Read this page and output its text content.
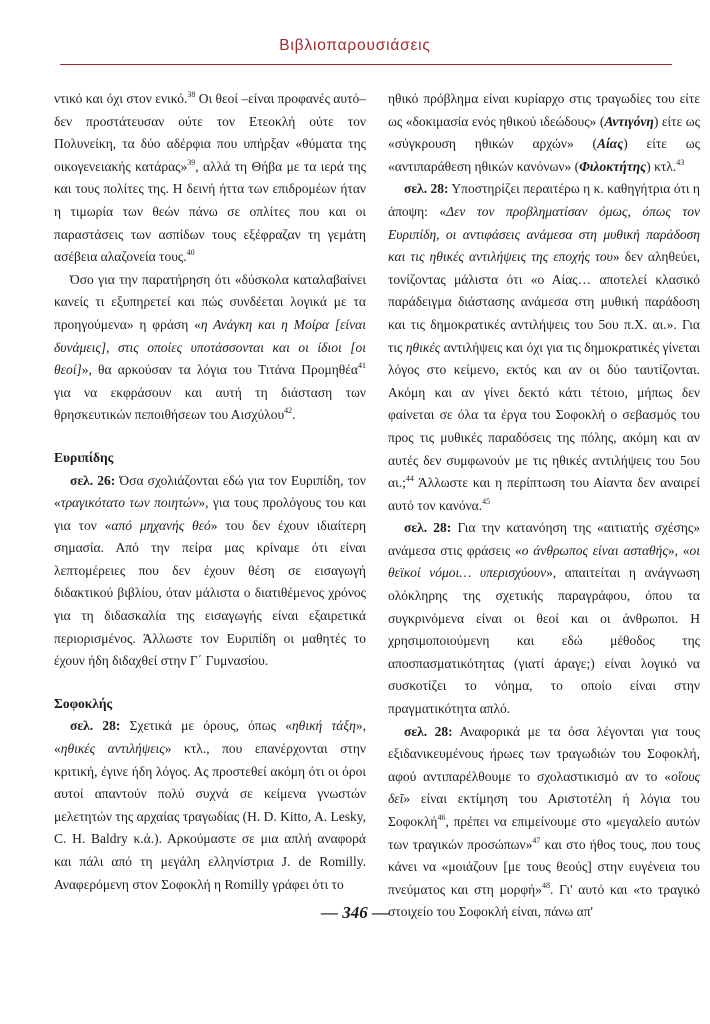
Βιβλιοπαρουσιάσεις

ντικό και όχι στον ενικό.$^{38}$ Οι θεοί –είναι προφανές αυτό– δεν προστάτευσαν ούτε τον Ετεοκλή ούτε τον Πολυνείκη, τα δύο αδέρφια που υπήρξαν «θύματα της οικογενειακής κατάρας»$^{39}$, αλλά τη Θήβα με τα ιερά της και τους πολίτες της. Η δεινή ήττα των επιδρομέων ήταν η τιμωρία των θεών πάνω σε οπλίτες που και οι παραστάσεις των ασπίδων τους εξέφραζαν τη γεμάτη ασέβεια αλαζονεία τους.$^{40}$

Όσο για την παρατήρηση ότι «δύσκολα καταλαβαίνει κανείς τι εξυπηρετεί και πώς συνδέεται λογικά με τα προηγούμενα» η φράση «η Ανάγκη και η Μοίρα [είναι δυνάμεις], στις οποίες υποτάσσονται και οι ίδιοι [οι θεοί]», θα αρκούσαν τα λόγια του Τιτάνα Προμηθέα$^{41}$ για να εκφράσουν και αυτή τη διάσταση των θρησκευτικών πεποιθήσεων του Αισχύλου$^{42}$.

Ευριπίδης

σελ. 26: Όσα σχολιάζονται εδώ για τον Ευριπίδη, τον «τραγικότατο των ποιητών», για τους προλόγους του και για τον «από μηχανής θεό» του δεν έχουν ιδιαίτερη σημασία. Από την πείρα μας κρίναμε ότι είναι λεπτομέρειες που δεν έχουν θέση σε εισαγωγή διδακτικού βιβλίου, όταν μάλιστα ο διατιθέμενος χρόνος για τη διδασκαλία της εισαγωγής είναι εξαιρετικά περιορισμένος. Άλλωστε τον Ευριπίδη οι μαθητές το έχουν ήδη διδαχθεί στην Γ΄ Γυμνασίου.

Σοφοκλής

σελ. 28: Σχετικά με όρους, όπως «ηθική τάξη», «ηθικές αντιλήψεις» κτλ., που επανέρχονται στην κριτική, έγινε ήδη λόγος. Ας προστεθεί ακόμη ότι οι όροι αυτοί απαντούν πολύ συχνά σε κείμενα γνωστών μελετητών της αρχαίας τραγωδίας (H. D. Kitto, A. Lesky, C. H. Baldry κ.ά.). Αρκούμαστε σε μια απλή αναφορά και πάλι από τη μεγάλη ελληνίστρια J. de Romilly. Αναφερόμενη στον Σοφοκλή η Romilly γράφει ότι το

ηθικό πρόβλημα είναι κυρίαρχο στις τραγωδίες του είτε ως «δοκιμασία ενός ηθικού ιδεώδους» (Αντιγόνη) είτε ως «σύγκρουση ηθικών αρχών» (Αίας) είτε ως «αντιπαράθεση ηθικών κανόνων» (Φιλοκτήτης) κτλ.$^{43}$

σελ. 28: Υποστηρίζει περαιτέρω η κ. καθηγήτρια ότι η άποψη: «Δεν τον προβληματίσαν όμως, όπως τον Ευριπίδη, οι αντιφάσεις ανάμεσα στη μυθική παράδοση και τις ηθικές αντιλήψεις της εποχής του» δεν αληθεύει, τονίζοντας μάλιστα ότι «ο Αίας… αποτελεί κλασικό παράδειγμα διάστασης ανάμεσα στη μυθική παράδοση και τις δημοκρατικές αντιλήψεις του 5ου π.Χ. αι.». Για τις ηθικές αντιλήψεις και όχι για τις δημοκρατικές γίνεται λόγος στο κείμενο, εκτός και αν οι δύο ταυτίζονται. Ακόμη και αν γίνει δεκτό κάτι τέτοιο, μήπως δεν φαίνεται σε όλα τα έργα του Σοφοκλή ο σεβασμός του προς τις μυθικές παραδόσεις της πόλης, ακόμη και αν αυτές δεν συμφωνούν με τις ηθικές αντιλήψεις του 5ου αι.;$^{44}$ Άλλωστε και η περίπτωση του Αίαντα δεν αναιρεί αυτό τον κανόνα.$^{45}$

σελ. 28: Για την κατανόηση της «αιτιατής σχέσης» ανάμεσα στις φράσεις «ο άνθρωπος είναι ασταθής», «οι θεϊκοί νόμοι… υπερισχύουν», απαιτείται η ανάγνωση ολόκληρης της σχετικής παραγράφου, όπου τα συγκρινόμενα είναι οι θεοί και οι άνθρωποι. Η χρησιμοποιούμενη και εδώ μέθοδος της αποσπασματικότητας (γιατί άραγε;) είναι λογικό να συσκοτίζει το νόημα, το οποίο είναι στην πραγματικότητα απλό.

σελ. 28: Αναφορικά με τα όσα λέγονται για τους εξιδανικευμένους ήρωες των τραγωδιών του Σοφοκλή, αφού αντιπαρέλθουμε το σχολαστικισμό αν το «οἵους δεῖ» είναι εκτίμηση του Αριστοτέλη ή λόγια του Σοφοκλή$^{46}$, πρέπει να επιμείνουμε στο «μεγαλείο αυτών των τραγικών προσώπων»$^{47}$ και στο ήθος τους, που τους κάνει να «μοιάζουν [με τους θεούς] στην ευγένεια του πνεύματος και στη μορφή»$^{48}$. Γι' αυτό και «το τραγικό στοιχείο του Σοφοκλή είναι, πάνω απ'

— 346 —
